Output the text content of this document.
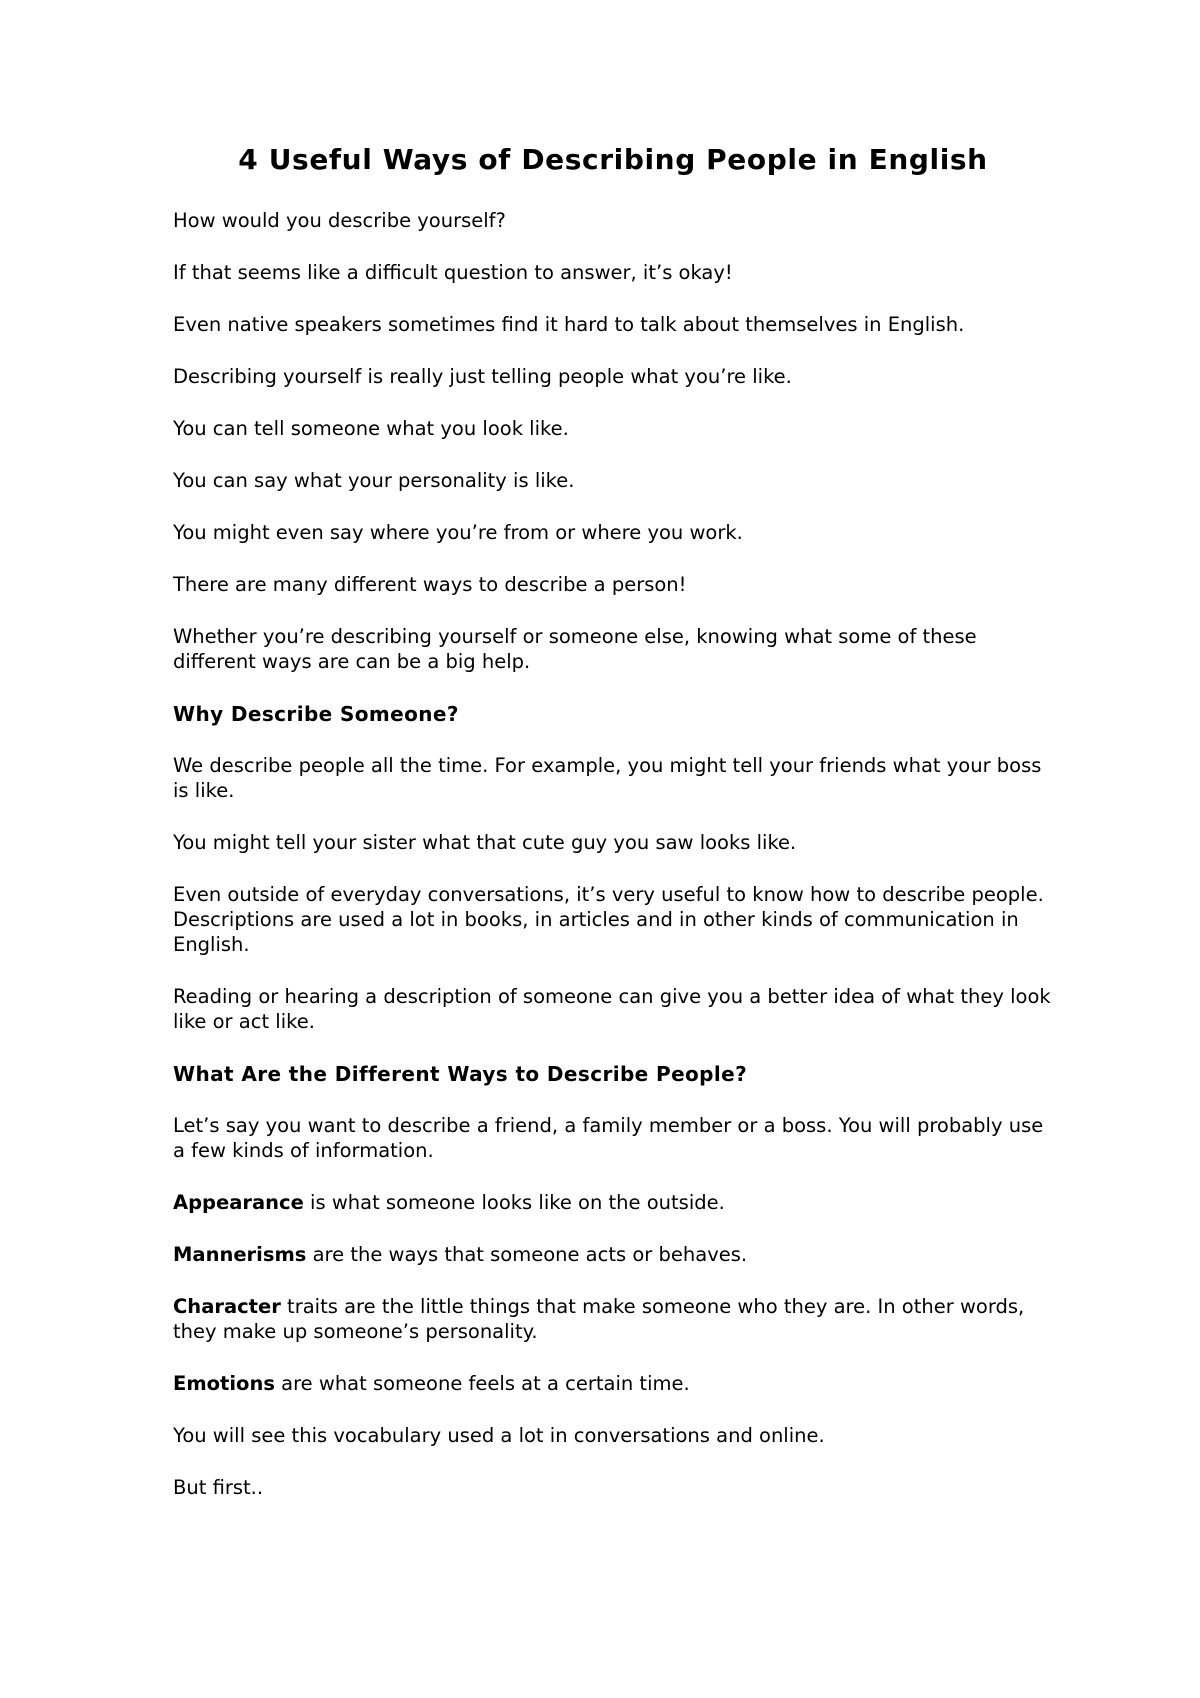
4 Useful Ways of Describing People in English

How would you describe yourself?

If that seems like a difficult question to answer, it’s okay!

Even native speakers sometimes find it hard to talk about themselves in English.

Describing yourself is really just telling people what you’re like.

You can tell someone what you look like.

You can say what your personality is like.

You might even say where you’re from or where you work.

There are many different ways to describe a person!

Whether you’re describing yourself or someone else, knowing what some of these different ways are can be a big help.

Why Describe Someone?

We describe people all the time. For example, you might tell your friends what your boss is like.

You might tell your sister what that cute guy you saw looks like.

Even outside of everyday conversations, it’s very useful to know how to describe people. Descriptions are used a lot in books, in articles and in other kinds of communication in English.

Reading or hearing a description of someone can give you a better idea of what they look like or act like.

What Are the Different Ways to Describe People?

Let’s say you want to describe a friend, a family member or a boss. You will probably use a few kinds of information.

Appearance is what someone looks like on the outside.

Mannerisms are the ways that someone acts or behaves.

Character traits are the little things that make someone who they are. In other words, they make up someone’s personality.

Emotions are what someone feels at a certain time.

You will see this vocabulary used a lot in conversations and online.

But first..
